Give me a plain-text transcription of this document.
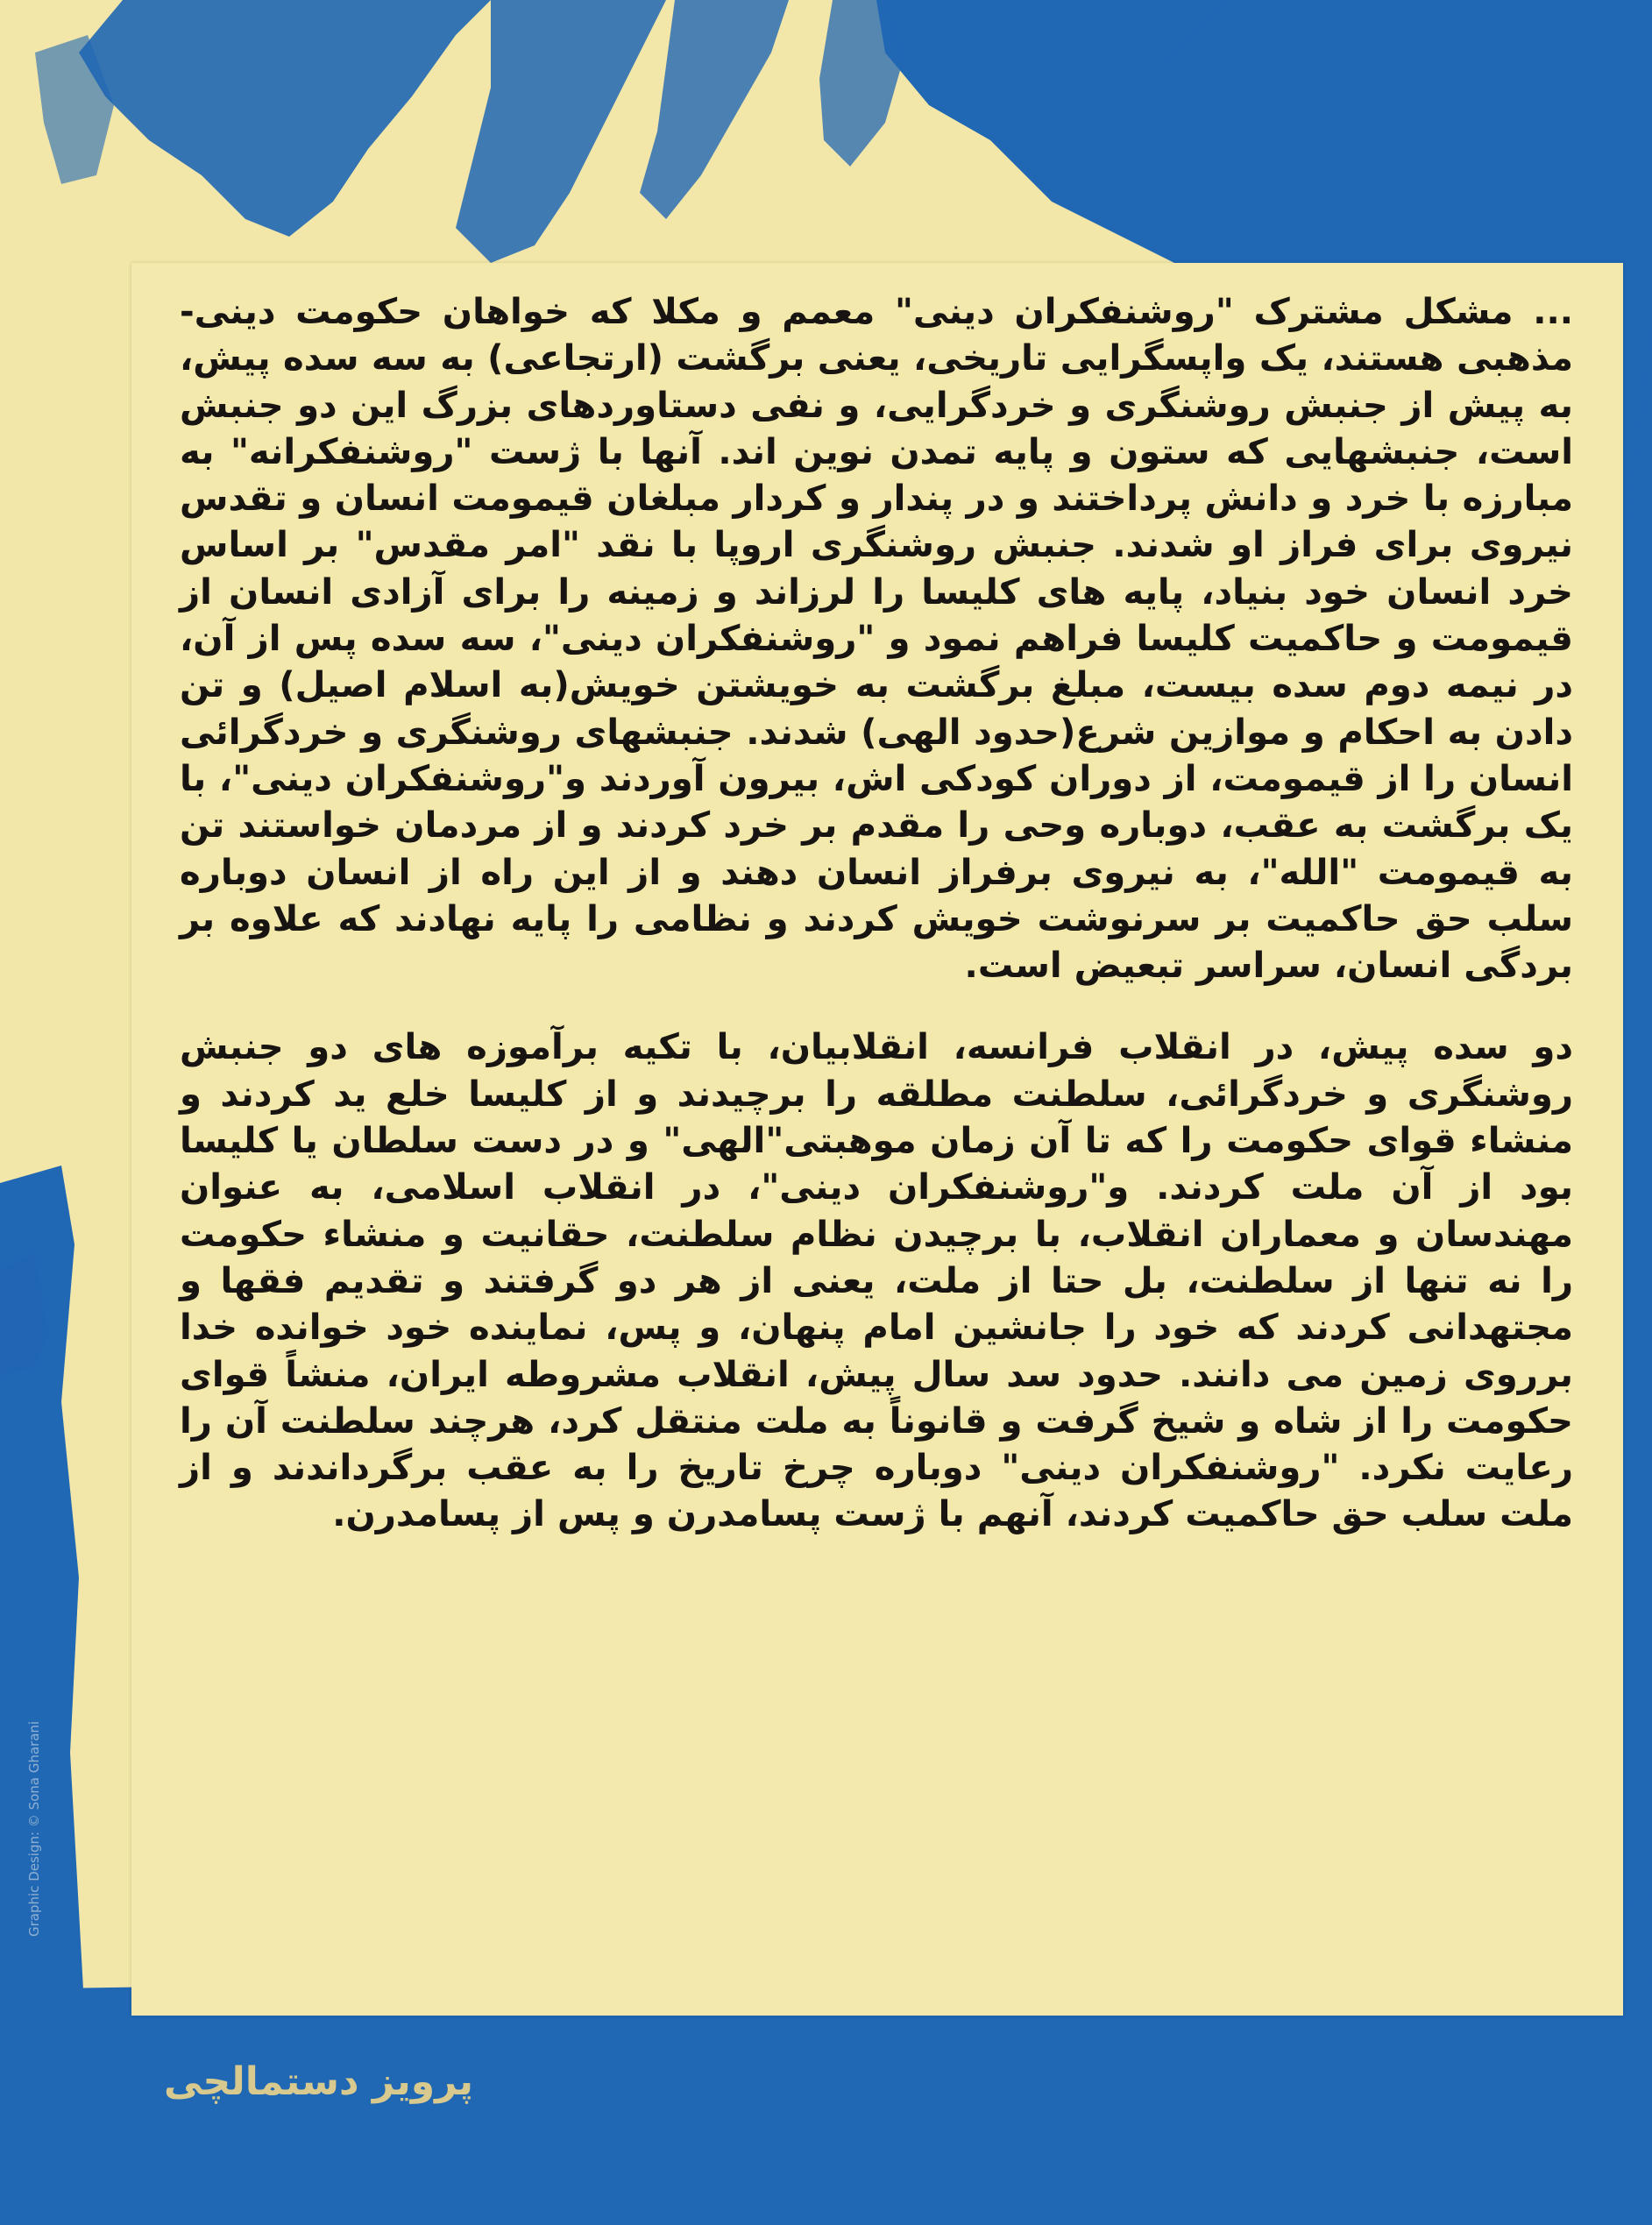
... مشکل مشترک "روشنفکران دینی" معمم و مکلا که خواهان حکومت دینی- مذهبی هستند، یک واپسگرایی تاریخی، یعنی برگشت (ارتجاعی) به سه سده پیش، به پیش از جنبش روشنگری و خردگرایی، و نفی دستاوردهای بزرگ این دو جنبش است، جنبشهایی که ستون و پایه تمدن نوین اند. آنها با ژست "روشنفکرانه" به مبارزه با خرد و دانش پرداختند و در پندار و کردار مبلغان قیمومت انسان و تقدس نیروی برای فراز او شدند. جنبش روشنگری اروپا با نقد "امر مقدس" بر اساس خرد انسان خود بنیاد، پایه های کلیسا را لرزاند و زمینه را برای آزادی انسان از قیمومت و حاکمیت کلیسا فراهم نمود و "روشنفکران دینی"، سه سده پس از آن، در نیمه دوم سده بیست، مبلغ برگشت به خویشتن خویش(به اسلام اصیل) و تن دادن به احکام و موازین شرع(حدود الهی) شدند. جنبشهای روشنگری و خردگرائی انسان را از قیمومت، از دوران کودکی اش، بیرون آوردند و"روشنفکران دینی"، با یک برگشت به عقب، دوباره وحی را مقدم بر خرد کردند و از مردمان خواستند تن به قیمومت "الله"، به نیروی برفراز انسان دهند و از این راه از انسان دوباره سلب حق حاکمیت بر سرنوشت خویش کردند و نظامی را پایه نهادند که علاوه بر بردگی انسان، سراسر تبعیض است.

دو سده پیش، در انقلاب فرانسه، انقلابیان، با تکیه برآموزه های دو جنبش روشنگری و خردگرائی، سلطنت مطلقه را برچیدند و از کلیسا خلع ید کردند و منشاء قوای حکومت را که تا آن زمان موهبتی"الهی" و در دست سلطان یا کلیسا بود از آن ملت کردند. و"روشنفکران دینی"، در انقلاب اسلامی، به عنوان مهندسان و معماران انقلاب، با برچیدن نظام سلطنت، حقانیت و منشاء حکومت را نه تنها از سلطنت، بل حتا از ملت، یعنی از هر دو گرفتند و تقدیم فقها و مجتهدانی کردند که خود را جانشین امام پنهان، و پس، نماینده خود خوانده خدا برروی زمین می دانند. حدود سد سال پیش، انقلاب مشروطه ایران، منشاً قوای حکومت را از شاه و شیخ گرفت و قانوناً به ملت منتقل کرد، هرچند سلطنت آن را رعایت نکرد. "روشنفکران دینی" دوباره چرخ تاریخ را به عقب برگرداندند و از ملت سلب حق حاکمیت کردند، آنهم با ژست پسامدرن و پس از پسامدرن.

پرویز دستمالچی
Graphic Design: © Sona Gharani
